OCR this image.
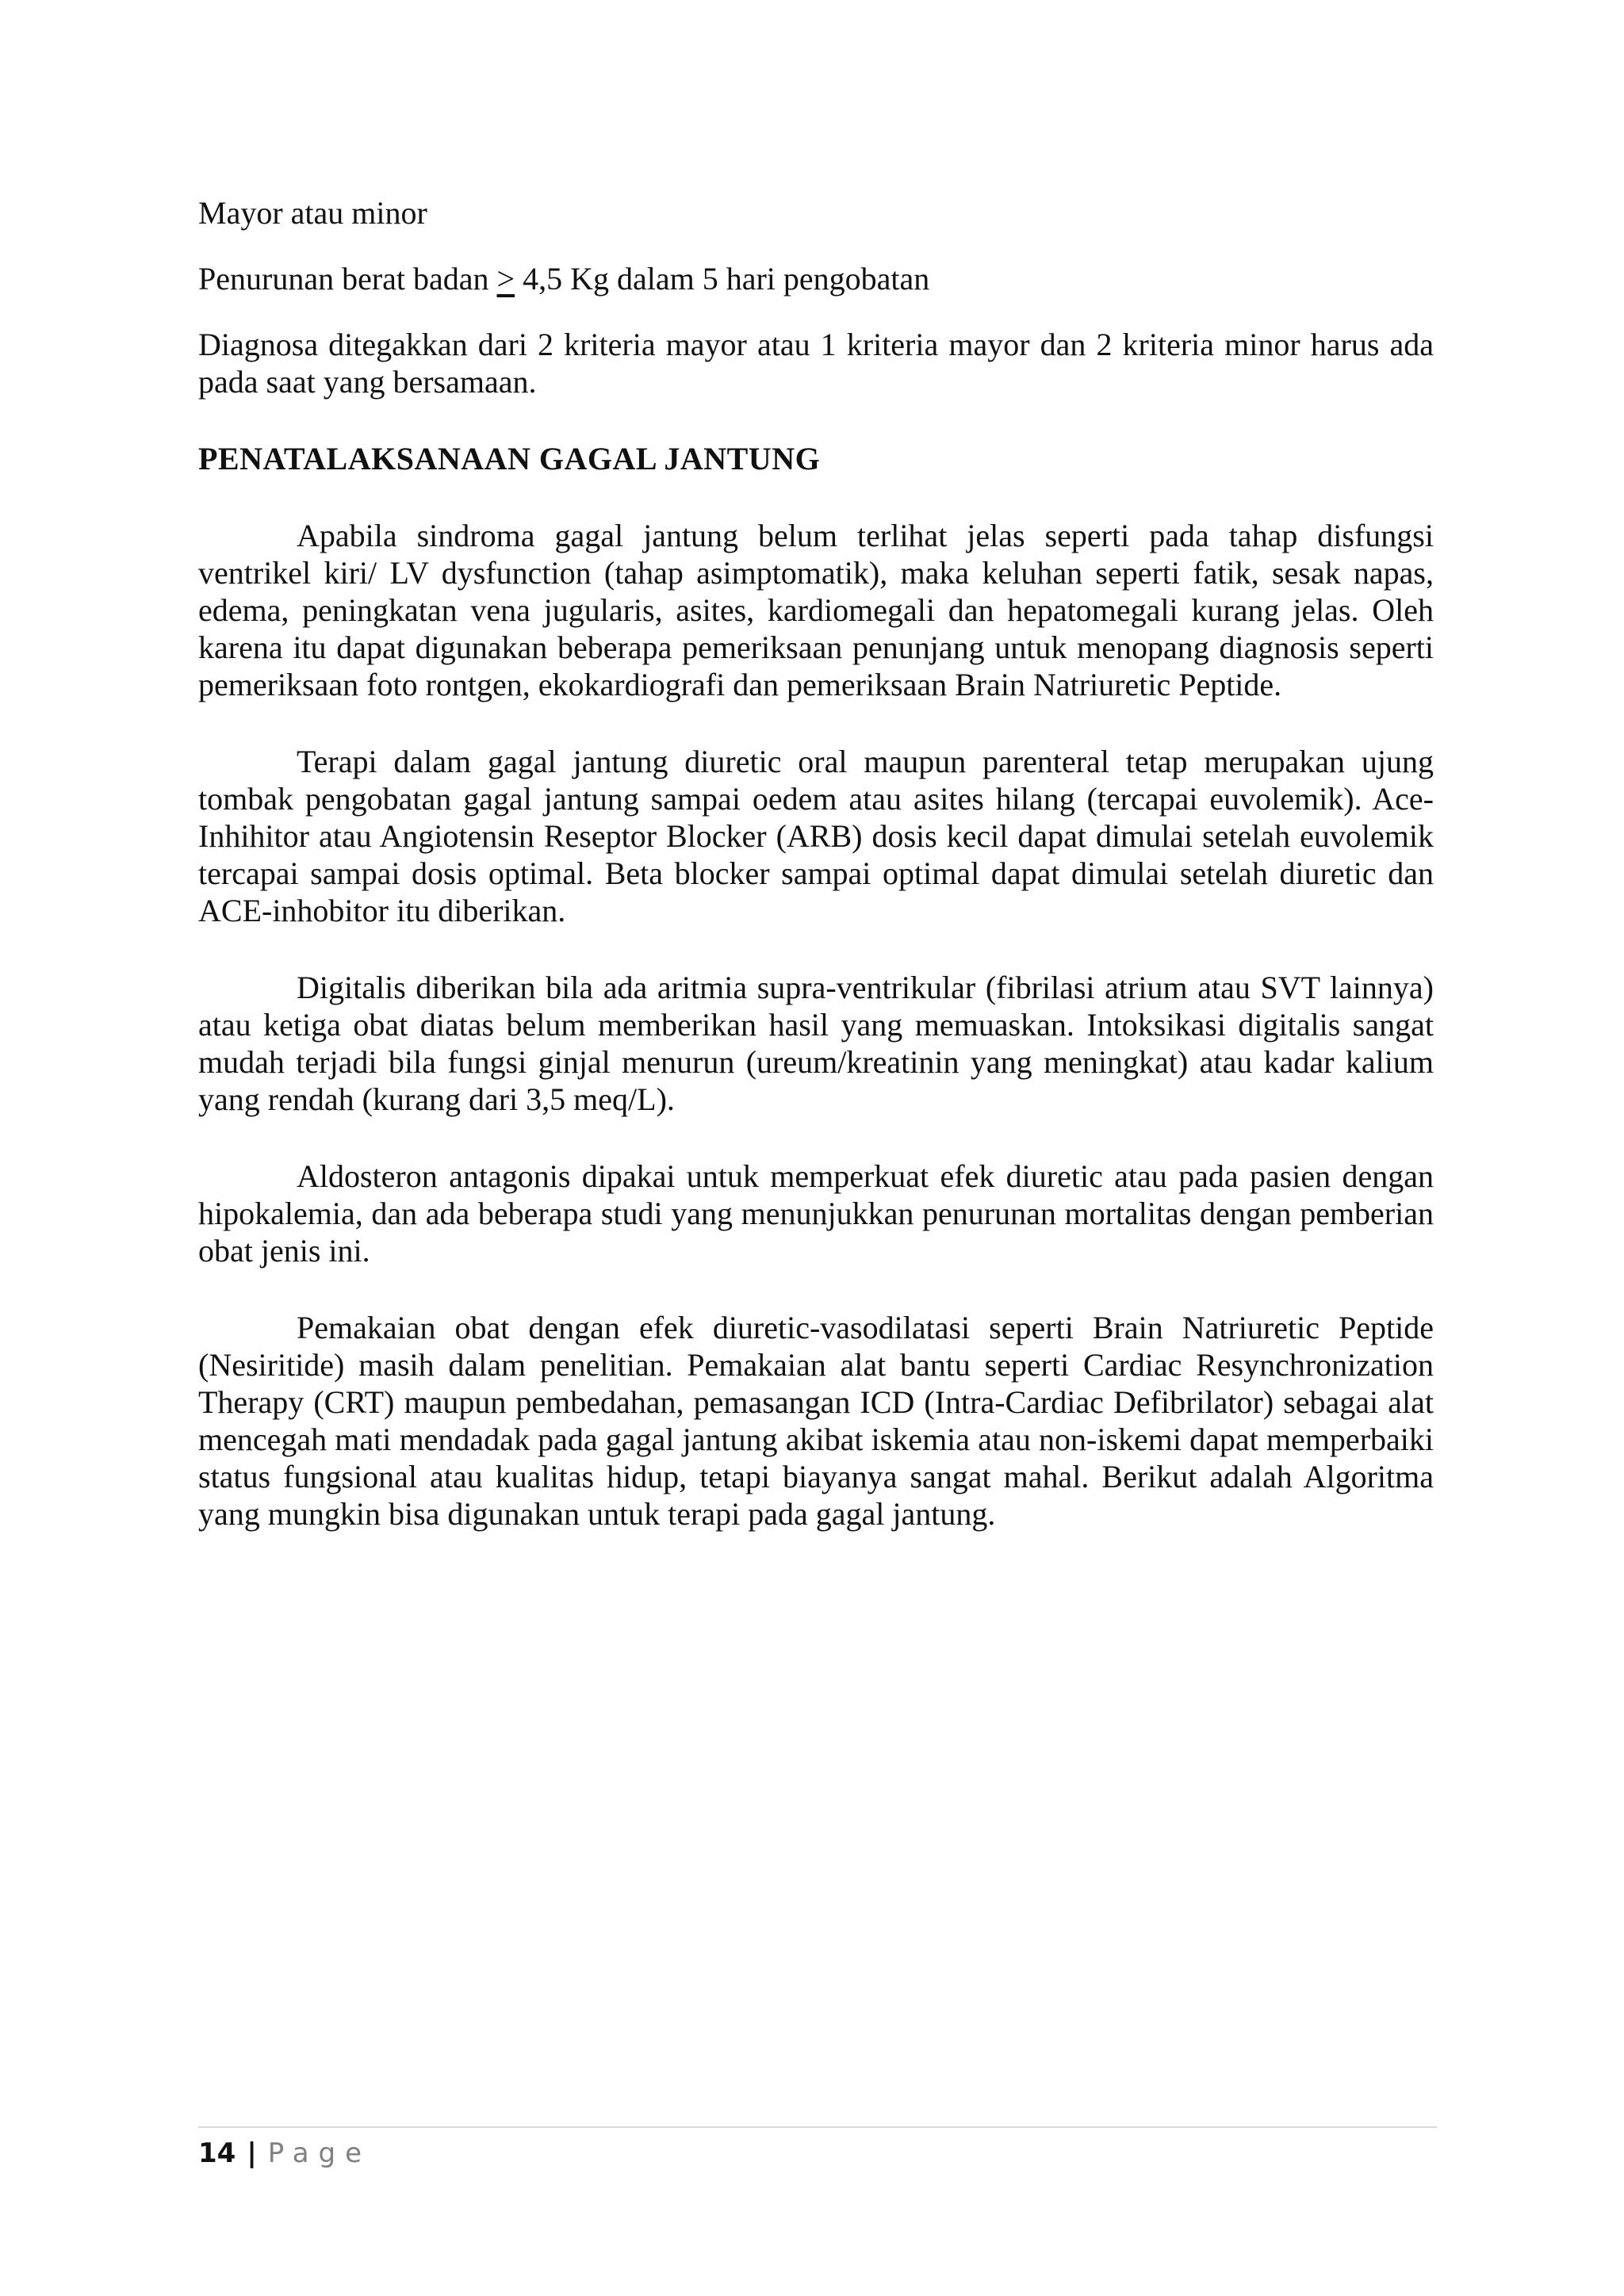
Mayor atau minor

Penurunan berat badan ≥ 4,5 Kg dalam 5 hari pengobatan

Diagnosa ditegakkan dari 2 kriteria mayor atau 1 kriteria mayor dan 2 kriteria minor harus ada pada saat yang bersamaan.

PENATALAKSANAAN GAGAL JANTUNG

Apabila sindroma gagal jantung belum terlihat jelas seperti pada tahap disfungsi ventrikel kiri/ LV dysfunction (tahap asimptomatik), maka keluhan seperti fatik, sesak napas, edema, peningkatan vena jugularis, asites, kardiomegali dan hepatomegali kurang jelas. Oleh karena itu dapat digunakan beberapa pemeriksaan penunjang untuk menopang diagnosis seperti pemeriksaan foto rontgen, ekokardiografi dan pemeriksaan Brain Natriuretic Peptide.

Terapi dalam gagal jantung diuretic oral maupun parenteral tetap merupakan ujung tombak pengobatan gagal jantung sampai oedem atau asites hilang (tercapai euvolemik). Ace-Inhihitor atau Angiotensin Reseptor Blocker (ARB) dosis kecil dapat dimulai setelah euvolemik tercapai sampai dosis optimal. Beta blocker sampai optimal dapat dimulai setelah diuretic dan ACE-inhobitor itu diberikan.

Digitalis diberikan bila ada aritmia supra-ventrikular (fibrilasi atrium atau SVT lainnya) atau ketiga obat diatas belum memberikan hasil yang memuaskan. Intoksikasi digitalis sangat mudah terjadi bila fungsi ginjal menurun (ureum/kreatinin yang meningkat) atau kadar kalium yang rendah (kurang dari 3,5 meq/L).

Aldosteron antagonis dipakai untuk memperkuat efek diuretic atau pada pasien dengan hipokalemia, dan ada beberapa studi yang menunjukkan penurunan mortalitas dengan pemberian obat jenis ini.

Pemakaian obat dengan efek diuretic-vasodilatasi seperti Brain Natriuretic Peptide (Nesiritide) masih dalam penelitian. Pemakaian alat bantu seperti Cardiac Resynchronization Therapy (CRT) maupun pembedahan, pemasangan ICD (Intra-Cardiac Defibrilator) sebagai alat mencegah mati mendadak pada gagal jantung akibat iskemia atau non-iskemi dapat memperbaiki status fungsional atau kualitas hidup, tetapi biayanya sangat mahal. Berikut adalah Algoritma yang mungkin bisa digunakan untuk terapi pada gagal jantung.

14 | Page
